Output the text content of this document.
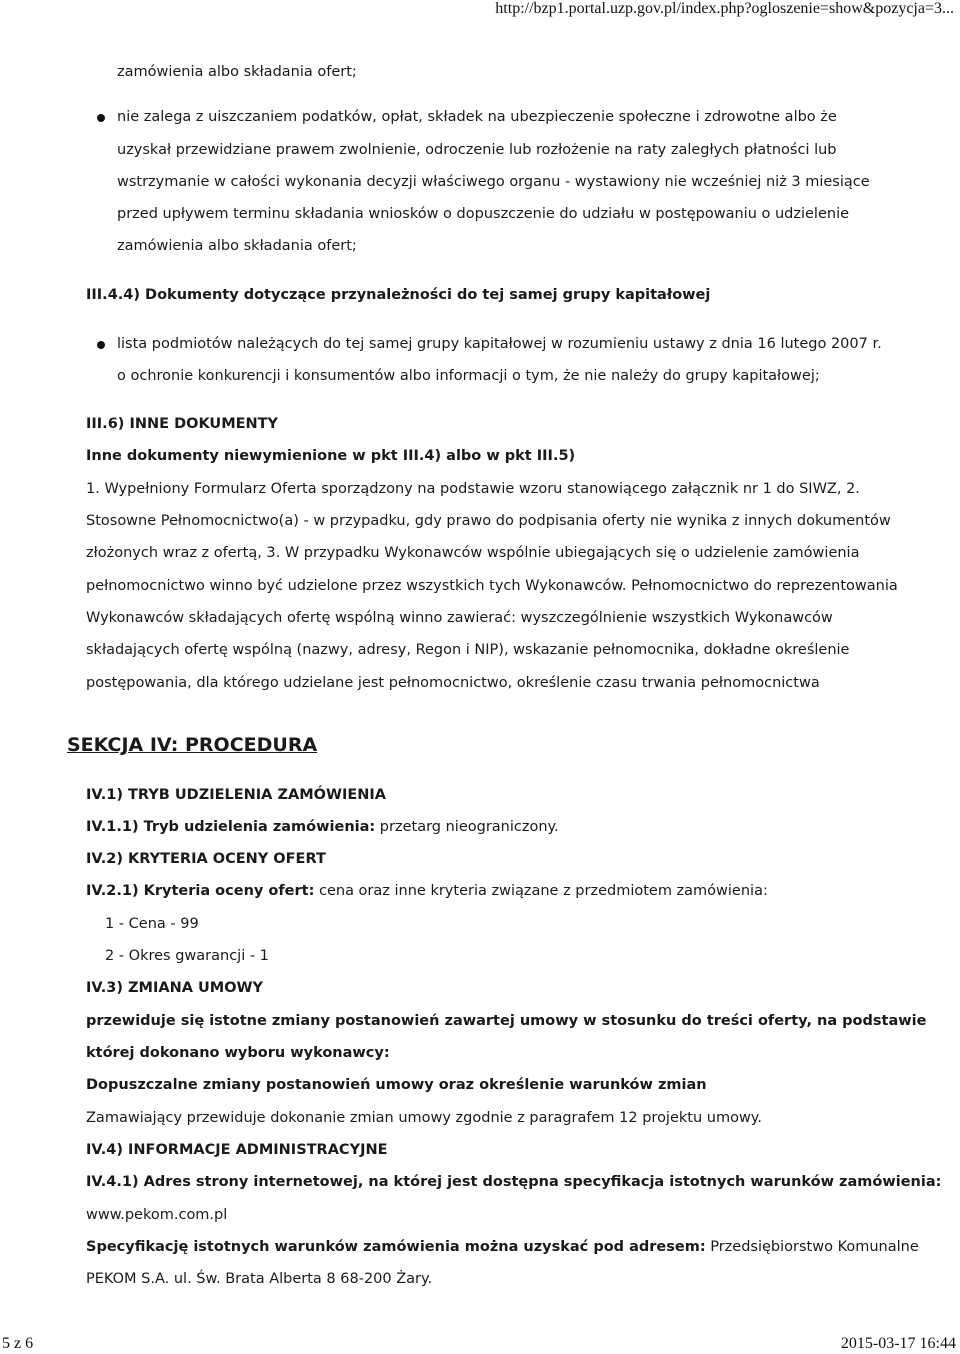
http://bzp1.portal.uzp.gov.pl/index.php?ogloszenie=show&pozycja=3...
zamówienia albo składania ofert;
nie zalega z uiszczaniem podatków, opłat, składek na ubezpieczenie społeczne i zdrowotne albo że
uzyskał przewidziane prawem zwolnienie, odroczenie lub rozłożenie na raty zaległych płatności lub
wstrzymanie w całości wykonania decyzji właściwego organu - wystawiony nie wcześniej niż 3 miesiące
przed upływem terminu składania wniosków o dopuszczenie do udziału w postępowaniu o udzielenie
zamówienia albo składania ofert;
III.4.4) Dokumenty dotyczące przynależności do tej samej grupy kapitałowej
lista podmiotów należących do tej samej grupy kapitałowej w rozumieniu ustawy z dnia 16 lutego 2007 r.
o ochronie konkurencji i konsumentów albo informacji o tym, że nie należy do grupy kapitałowej;
III.6) INNE DOKUMENTY
Inne dokumenty niewymienione w pkt III.4) albo w pkt III.5)
1. Wypełniony Formularz Oferta sporządzony na podstawie wzoru stanowiącego załącznik nr 1 do SIWZ, 2.
Stosowne Pełnomocnictwo(a) - w przypadku, gdy prawo do podpisania oferty nie wynika z innych dokumentów
złożonych wraz z ofertą, 3. W przypadku Wykonawców wspólnie ubiegających się o udzielenie zamówienia
pełnomocnictwo winno być udzielone przez wszystkich tych Wykonawców. Pełnomocnictwo do reprezentowania
Wykonawców składających ofertę wspólną winno zawierać: wyszczególnienie wszystkich Wykonawców
składających ofertę wspólną (nazwy, adresy, Regon i NIP), wskazanie pełnomocnika, dokładne określenie
postępowania, dla którego udzielane jest pełnomocnictwo, określenie czasu trwania pełnomocnictwa
SEKCJA IV: PROCEDURA
IV.1) TRYB UDZIELENIA ZAMÓWIENIA
IV.1.1) Tryb udzielenia zamówienia: przetarg nieograniczony.
IV.2) KRYTERIA OCENY OFERT
IV.2.1) Kryteria oceny ofert: cena oraz inne kryteria związane z przedmiotem zamówienia:
1 - Cena - 99
2 - Okres gwarancji - 1
IV.3) ZMIANA UMOWY
przewiduje się istotne zmiany postanowień zawartej umowy w stosunku do treści oferty, na podstawie
której dokonano wyboru wykonawcy:
Dopuszczalne zmiany postanowień umowy oraz określenie warunków zmian
Zamawiający przewiduje dokonanie zmian umowy zgodnie z paragrafem 12 projektu umowy.
IV.4) INFORMACJE ADMINISTRACYJNE
IV.4.1) Adres strony internetowej, na której jest dostępna specyfikacja istotnych warunków zamówienia:
www.pekom.com.pl
Specyfikację istotnych warunków zamówienia można uzyskać pod adresem: Przedsiębiorstwo Komunalne
PEKOM S.A. ul. Św. Brata Alberta 8 68-200 Żary.
5 z 6	2015-03-17 16:44
